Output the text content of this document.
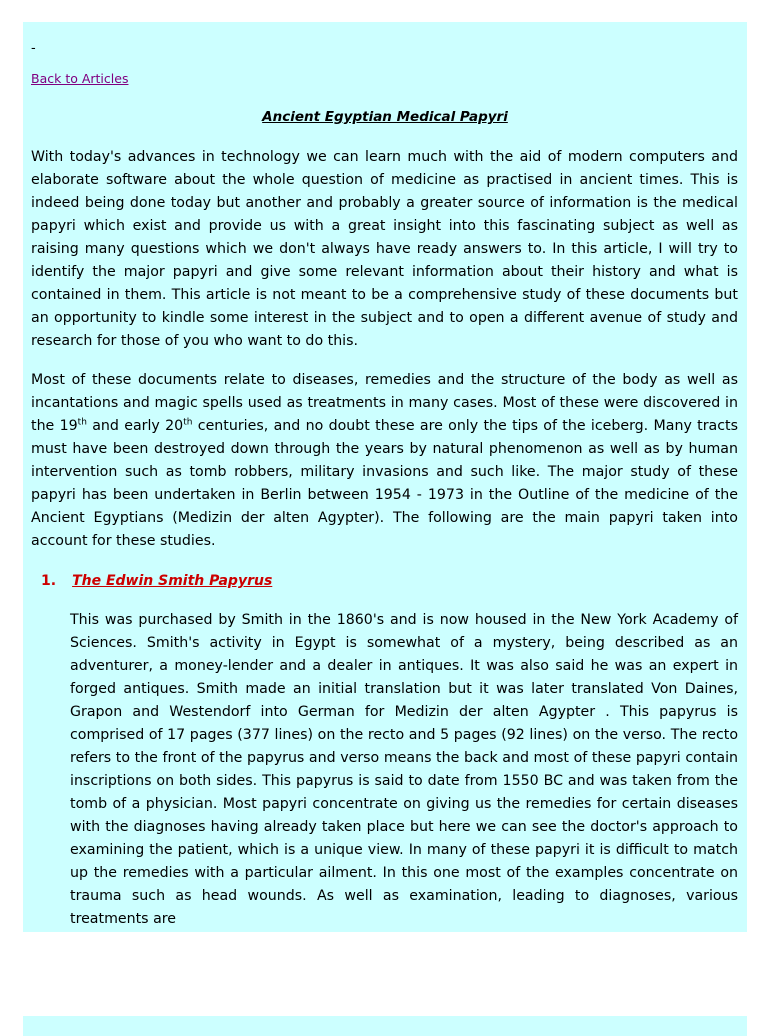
-
Back to Articles
Ancient Egyptian Medical Papyri

With today's advances in technology we can learn much with the aid of modern computers and elaborate software about the whole question of medicine as practised in ancient times. This is indeed being done today but another and probably a greater source of information is the medical papyri which exist and provide us with a great insight into this fascinating subject as well as raising many questions which we don't always have ready answers to. In this article, I will try to identify the major papyri and give some relevant information about their history and what is contained in them. This article is not meant to be a comprehensive study of these documents but an opportunity to kindle some interest in the subject and to open a different avenue of study and research for those of you who want to do this.

Most of these documents relate to diseases, remedies and the structure of the body as well as incantations and magic spells used as treatments in many cases. Most of these were discovered in the 19th and early 20th centuries, and no doubt these are only the tips of the iceberg. Many tracts must have been destroyed down through the years by natural phenomenon as well as by human intervention such as tomb robbers, military invasions and such like. The major study of these papyri has been undertaken in Berlin between 1954 - 1973 in the Outline of the medicine of the Ancient Egyptians (Medizin der alten Agypter). The following are the main papyri taken into account for these studies.

1. The Edwin Smith Papyrus

This was purchased by Smith in the 1860's and is now housed in the New York Academy of Sciences. Smith's activity in Egypt is somewhat of a mystery, being described as an adventurer, a money-lender and a dealer in antiques. It was also said he was an expert in forged antiques. Smith made an initial translation but it was later translated Von Daines, Grapon and Westendorf into German for Medizin der alten Agypter . This papyrus is comprised of 17 pages (377 lines) on the recto and 5 pages (92 lines) on the verso. The recto refers to the front of the papyrus and verso means the back and most of these papyri contain inscriptions on both sides. This papyrus is said to date from 1550 BC and was taken from the tomb of a physician. Most papyri concentrate on giving us the remedies for certain diseases with the diagnoses having already taken place but here we can see the doctor's approach to examining the patient, which is a unique view. In many of these papyri it is difficult to match up the remedies with a particular ailment. In this one most of the examples concentrate on trauma such as head wounds. As well as examination, leading to diagnoses, various treatments are
